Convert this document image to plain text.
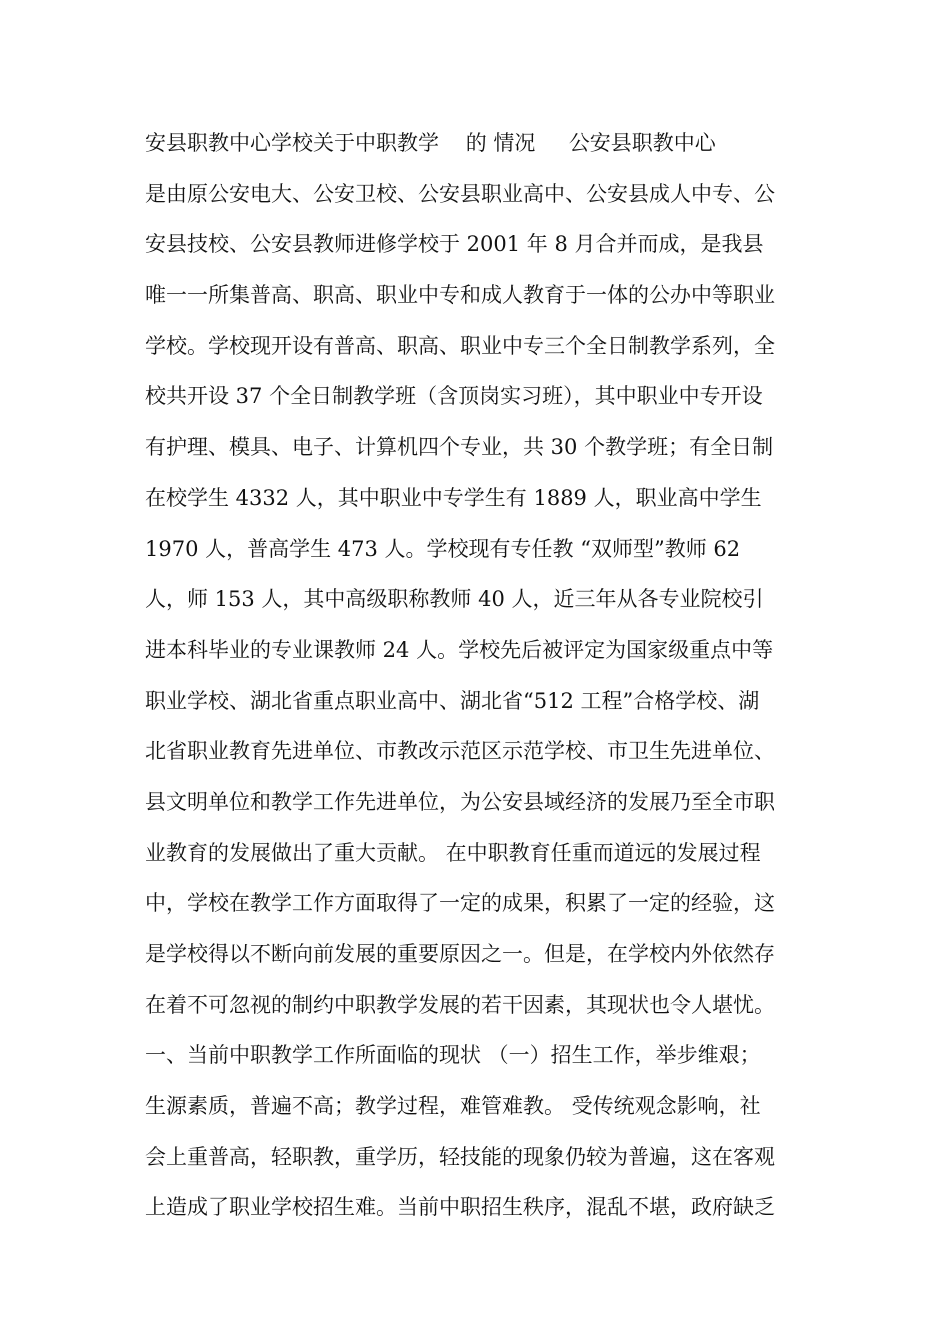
安县职教中心学校关于中职教学    的 情况     公安县职教中心
是由原公安电大、公安卫校、公安县职业高中、公安县成人中专、公
安县技校、公安县教师进修学校于 2001 年 8 月合并而成，是我县
唯一一所集普高、职高、职业中专和成人教育于一体的公办中等职业
学校。学校现开设有普高、职高、职业中专三个全日制教学系列，全
校共开设 37 个全日制教学班（含顶岗实习班），其中职业中专开设
有护理、模具、电子、计算机四个专业，共 30 个教学班；有全日制
在校学生 4332 人，其中职业中专学生有 1889 人，职业高中学生
1970 人，普高学生 473 人。学校现有专任教 “双师型”教师 62
人，师 153 人，其中高级职称教师 40 人，近三年从各专业院校引
进本科毕业的专业课教师 24 人。学校先后被评定为国家级重点中等
职业学校、湖北省重点职业高中、湖北省“512 工程”合格学校、湖
北省职业教育先进单位、市教改示范区示范学校、市卫生先进单位、
县文明单位和教学工作先进单位，为公安县域经济的发展乃至全市职
业教育的发展做出了重大贡献。 在中职教育任重而道远的发展过程
中，学校在教学工作方面取得了一定的成果，积累了一定的经验，这
是学校得以不断向前发展的重要原因之一。但是，在学校内外依然存
在着不可忽视的制约中职教学发展的若干因素，其现状也令人堪忧。
一、当前中职教学工作所面临的现状 （一）招生工作，举步维艰；
生源素质，普遍不高；教学过程，难管难教。 受传统观念影响，社
会上重普高，轻职教，重学历，轻技能的现象仍较为普遍，这在客观
上造成了职业学校招生难。当前中职招生秩序，混乱不堪，政府缺乏
